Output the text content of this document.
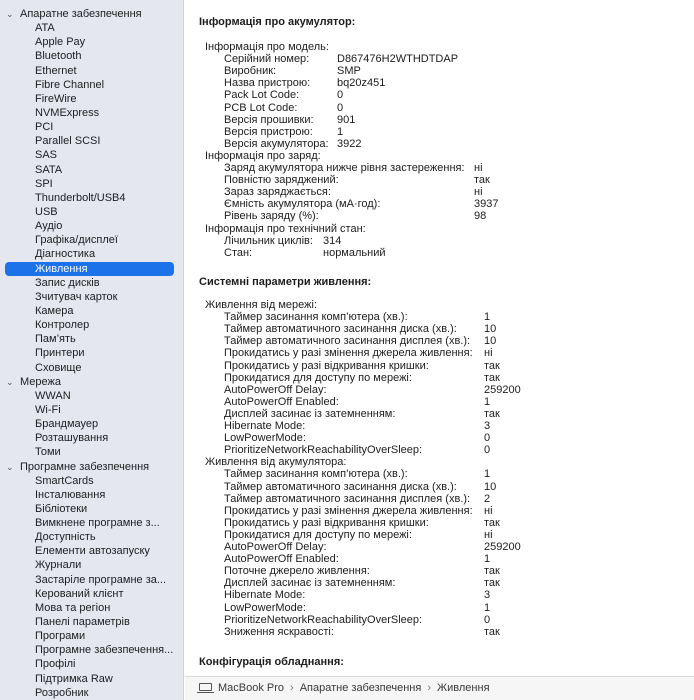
⌄ Апаратне забезпечення
ATA
Apple Pay
Bluetooth
Ethernet
Fibre Channel
FireWire
NVMExpress
PCI
Parallel SCSI
SAS
SATA
SPI
Thunderbolt/USB4
USB
Аудіо
Графіка/дисплеї
Діагностика
Живлення
Запис дисків
Зчитувач карток
Камера
Контролер
Пам’ять
Принтери
Сховище
⌄ Мережа
WWAN
Wi-Fi
Брандмауер
Розташування
Томи
⌄ Програмне забезпечення
SmartCards
Інсталювання
Бібліотеки
Вимкнене програмне з...
Доступність
Елементи автозапуску
Журнали
Застаріле програмне за...
Керований клієнт
Мова та регіон
Панелі параметрів
Програми
Програмне забезпечення...
Профілі
Підтримка Raw
Розробник
Інформація про акумулятор:
Інформація про модель:
Серійний номер:	D867476H2WTHDTDAP
Виробник:	SMP
Назва пристрою: bq20z451
Pack Lot Code:	0
PCB Lot Code:	0
Версія прошивки: 901
Версія пристрою: 1
Версія акумулятора: 3922
Інформація про заряд:
Заряд акумулятора нижче рівня застереження: ні
Повністю заряджений:	так
Зараз заряджається:	ні
Ємність акумулятора (мА·год):	3937
Рівень заряду (%):	98
Інформація про технічний стан:
Лічильник циклів: 314
Стан:	нормальний
Живлення від мережі:
Таймер засинання комп’ютера (хв.):	1
Таймер автоматичного засинання диска (хв.): 10
Таймер автоматичного засинання дисплея (хв.): 10
Прокидатись у разі змінення джерела живлення: ні
Прокидатись у разі відкривання кришки:	так
Прокидатися для доступу по мережі:	так
AutoPowerOff Delay:	259200
AutoPowerOff Enabled:	1
Дисплей засинає із затемненням:	так
Hibernate Mode:	3
LowPowerMode:	0
PrioritizeNetworkReachabilityOverSleep:	0
Живлення від акумулятора:
Таймер засинання комп’ютера (хв.):	1
Таймер автоматичного засинання диска (хв.): 10
Таймер автоматичного засинання дисплея (хв.): 2
Прокидатись у разі змінення джерела живлення: ні
Прокидатись у разі відкривання кришки:	так
Прокидатися для доступу по мережі:	ні
AutoPowerOff Delay:	259200
AutoPowerOff Enabled:	1
Поточне джерело живлення:	так
Дисплей засинає із затемненням:	так
Hibernate Mode:	3
LowPowerMode:	1
PrioritizeNetworkReachabilityOverSleep:	0
Зниження яскравості:	так
Системні параметри живлення:
Конфігурація обладнання:
MacBook Pro › Апаратне забезпечення › Живлення
